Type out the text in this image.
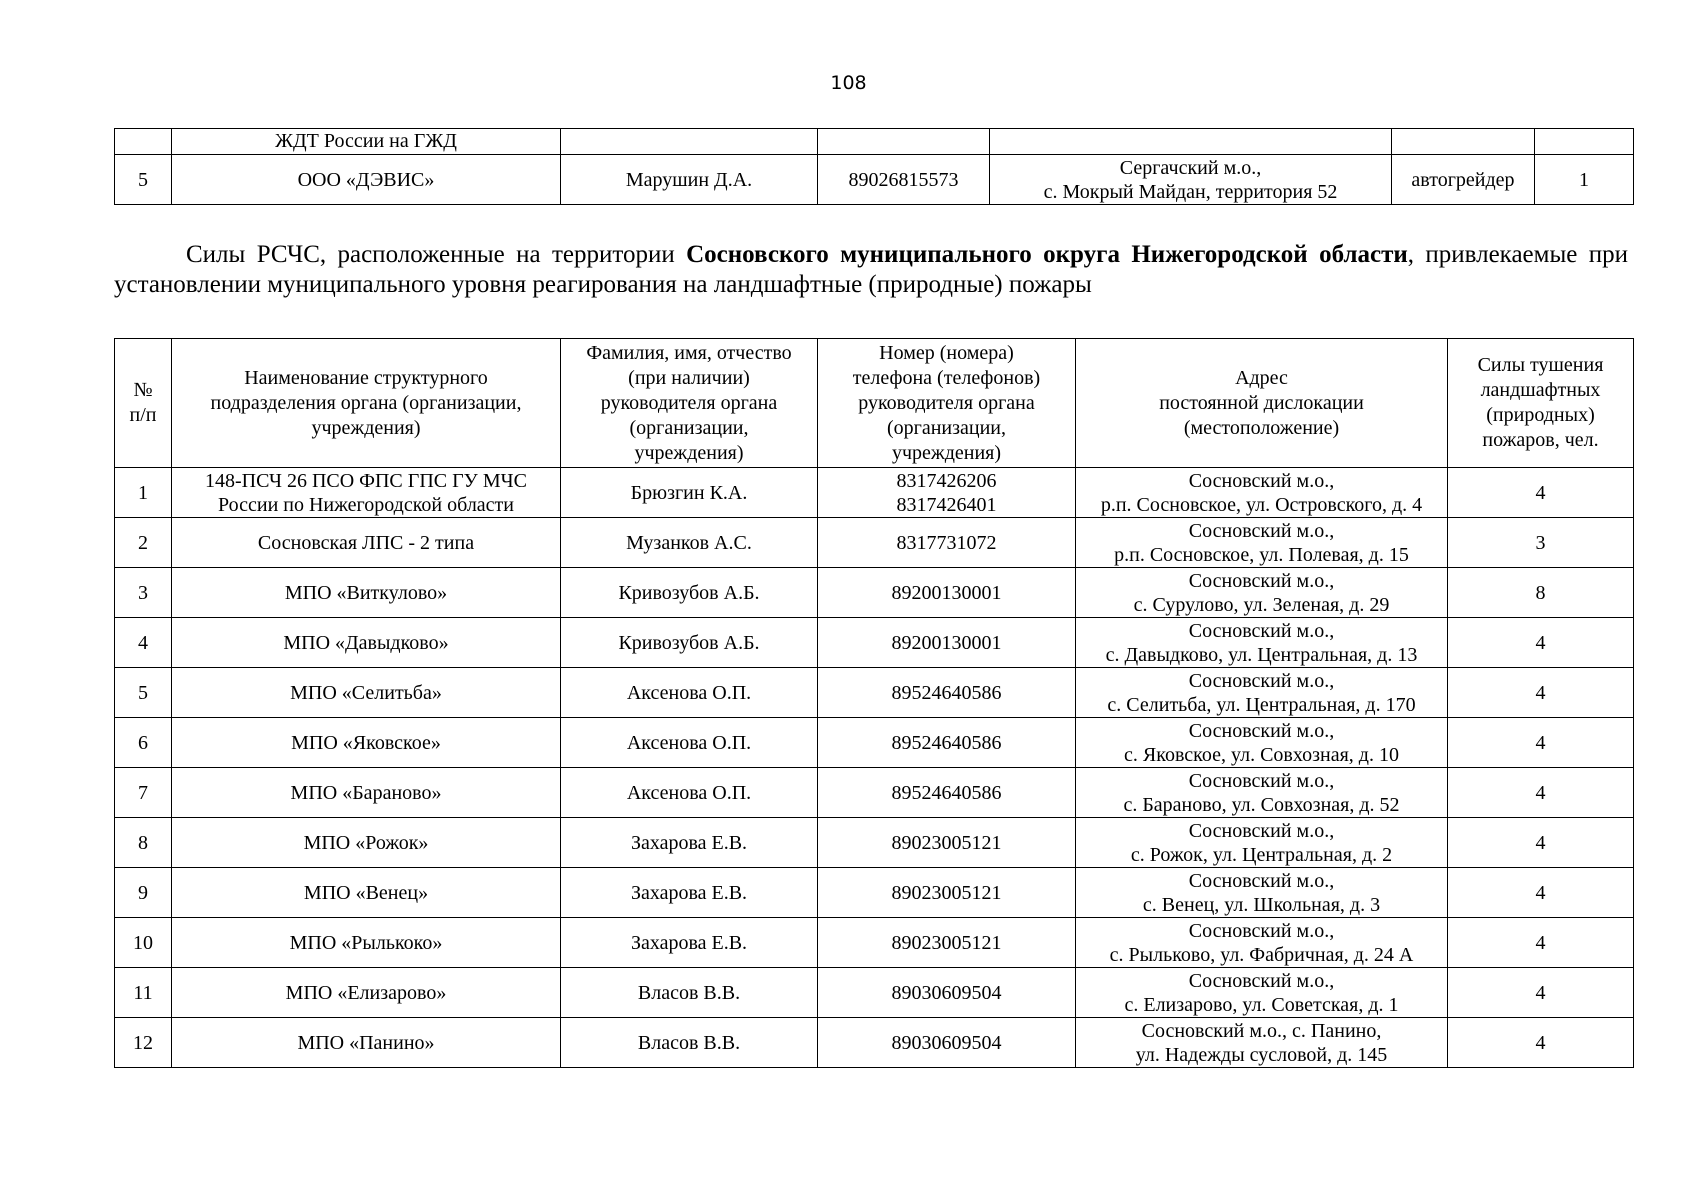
108
	ЖДТ России на ГЖД					
5	ООО «ДЭВИС»	Марушин Д.А.	89026815573	Сергачский м.о.,
с. Мокрый Майдан, территория 52	автогрейдер	1
Силы РСЧС, расположенные на территории Сосновского муниципального округа Нижегородской области, привлекаемые при установлении муниципального уровня реагирования на ландшафтные (природные) пожары
№
п/п	Наименование структурного
подразделения органа (организации,
учреждения)	Фамилия, имя, отчество
(при наличии)
руководителя органа
(организации,
учреждения)	Номер (номера)
телефона (телефонов)
руководителя органа
(организации,
учреждения)	Адрес
постоянной дислокации
(местоположение)	Силы тушения
ландшафтных
(природных)
пожаров, чел.
1	148-ПСЧ 26 ПСО ФПС ГПС ГУ МЧС
России по Нижегородской области	Брюзгин К.А.	8317426206
8317426401	Сосновский м.о.,
р.п. Сосновское, ул. Островского, д. 4	4
2	Сосновская ЛПС - 2 типа	Музанков А.С.	8317731072	Сосновский м.о.,
р.п. Сосновское, ул. Полевая, д. 15	3
3	МПО «Виткулово»	Кривозубов А.Б.	89200130001	Сосновский м.о.,
с. Сурулово, ул. Зеленая, д. 29	8
4	МПО «Давыдково»	Кривозубов А.Б.	89200130001	Сосновский м.о.,
с. Давыдково, ул. Центральная, д. 13	4
5	МПО «Селитьба»	Аксенова О.П.	89524640586	Сосновский м.о.,
с. Селитьба, ул. Центральная, д. 170	4
6	МПО «Яковское»	Аксенова О.П.	89524640586	Сосновский м.о.,
с. Яковское, ул. Совхозная, д. 10	4
7	МПО «Бараново»	Аксенова О.П.	89524640586	Сосновский м.о.,
с. Бараново, ул. Совхозная, д. 52	4
8	МПО «Рожок»	Захарова Е.В.	89023005121	Сосновский м.о.,
с. Рожок, ул. Центральная, д. 2	4
9	МПО «Венец»	Захарова Е.В.	89023005121	Сосновский м.о.,
с. Венец, ул. Школьная, д. 3	4
10	МПО «Рылькоко»	Захарова Е.В.	89023005121	Сосновский м.о.,
с. Рыльково, ул. Фабричная, д. 24 А	4
11	МПО «Елизарово»	Власов В.В.	89030609504	Сосновский м.о.,
с. Елизарово, ул. Советская, д. 1	4
12	МПО «Панино»	Власов В.В.	89030609504	Сосновский м.о., с. Панино,
ул. Надежды сусловой, д. 145	4
